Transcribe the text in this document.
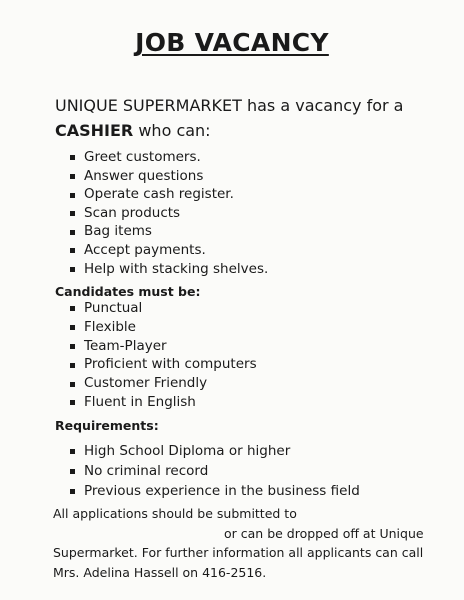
JOB VACANCY
UNIQUE SUPERMARKET has a vacancy for a
CASHIER who can:
Greet customers.
Answer questions
Operate cash register.
Scan products
Bag items
Accept payments.
Help with stacking shelves.
Candidates must be:
Punctual
Flexible
Team-Player
Proficient with computers
Customer Friendly
Fluent in English
Requirements:
High School Diploma or higher
No criminal record
Previous experience in the business field
All applications should be submitted to
or can be dropped off at Unique
Supermarket. For further information all applicants can call
Mrs. Adelina Hassell on 416-2516.
